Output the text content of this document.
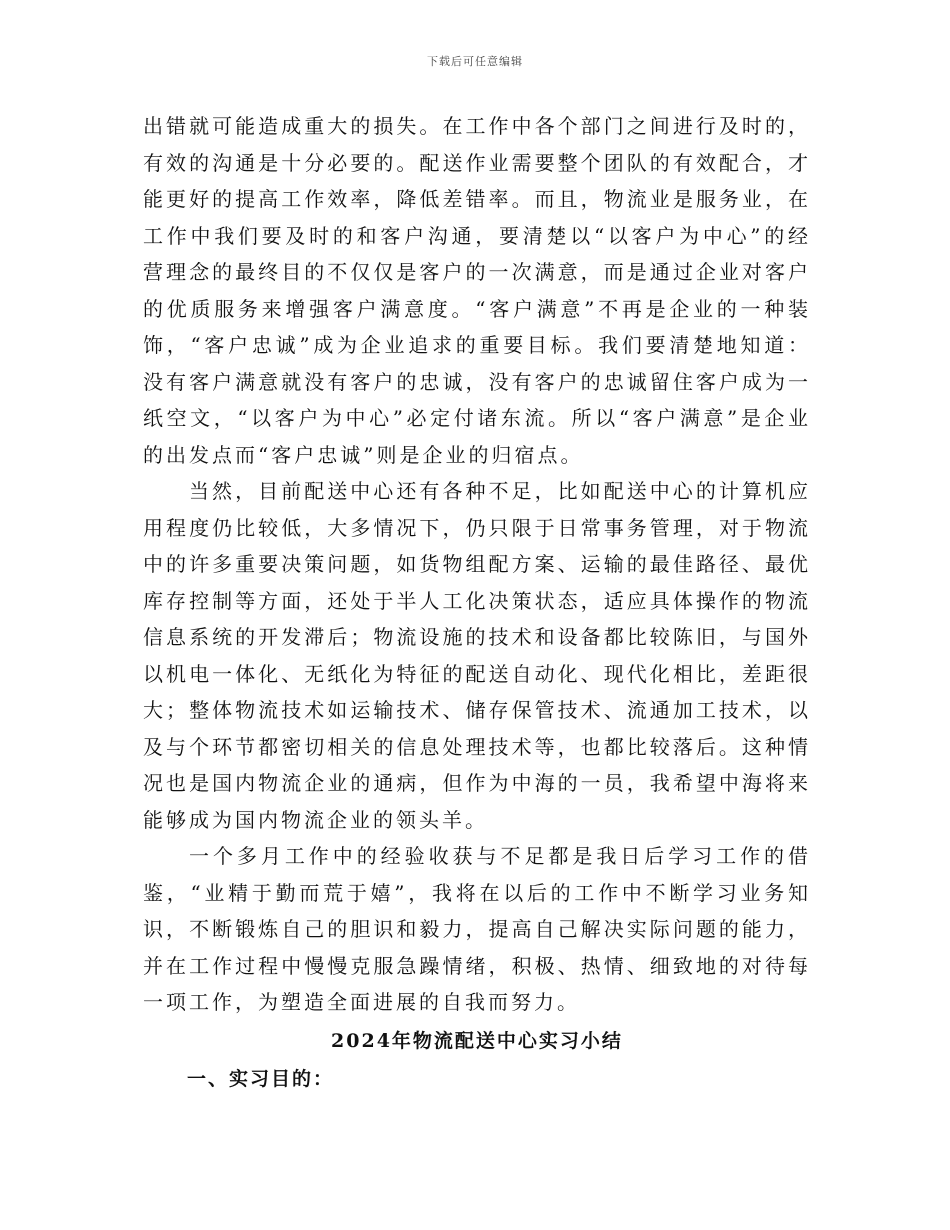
下载后可任意编辑

出错就可能造成重大的损失。在工作中各个部门之间进行及时的，有效的沟通是十分必要的。配送作业需要整个团队的有效配合，才能更好的提高工作效率，降低差错率。而且，物流业是服务业，在工作中我们要及时的和客户沟通，要清楚以“以客户为中心”的经营理念的最终目的不仅仅是客户的一次满意，而是通过企业对客户的优质服务来增强客户满意度。“客户满意”不再是企业的一种装饰，“客户忠诚”成为企业追求的重要目标。我们要清楚地知道：没有客户满意就没有客户的忠诚，没有客户的忠诚留住客户成为一纸空文，“以客户为中心”必定付诸东流。所以“客户满意”是企业的出发点而“客户忠诚”则是企业的归宿点。

当然，目前配送中心还有各种不足，比如配送中心的计算机应用程度仍比较低，大多情况下，仍只限于日常事务管理，对于物流中的许多重要决策问题，如货物组配方案、运输的最佳路径、最优库存控制等方面，还处于半人工化决策状态，适应具体操作的物流信息系统的开发滞后；物流设施的技术和设备都比较陈旧，与国外以机电一体化、无纸化为特征的配送自动化、现代化相比，差距很大；整体物流技术如运输技术、储存保管技术、流通加工技术，以及与个环节都密切相关的信息处理技术等，也都比较落后。这种情况也是国内物流企业的通病，但作为中海的一员，我希望中海将来能够成为国内物流企业的领头羊。

一个多月工作中的经验收获与不足都是我日后学习工作的借鉴，“业精于勤而荒于嬉”，我将在以后的工作中不断学习业务知识，不断锻炼自己的胆识和毅力，提高自己解决实际问题的能力，并在工作过程中慢慢克服急躁情绪，积极、热情、细致地的对待每一项工作，为塑造全面进展的自我而努力。

2024年物流配送中心实习小结
一、实习目的：
